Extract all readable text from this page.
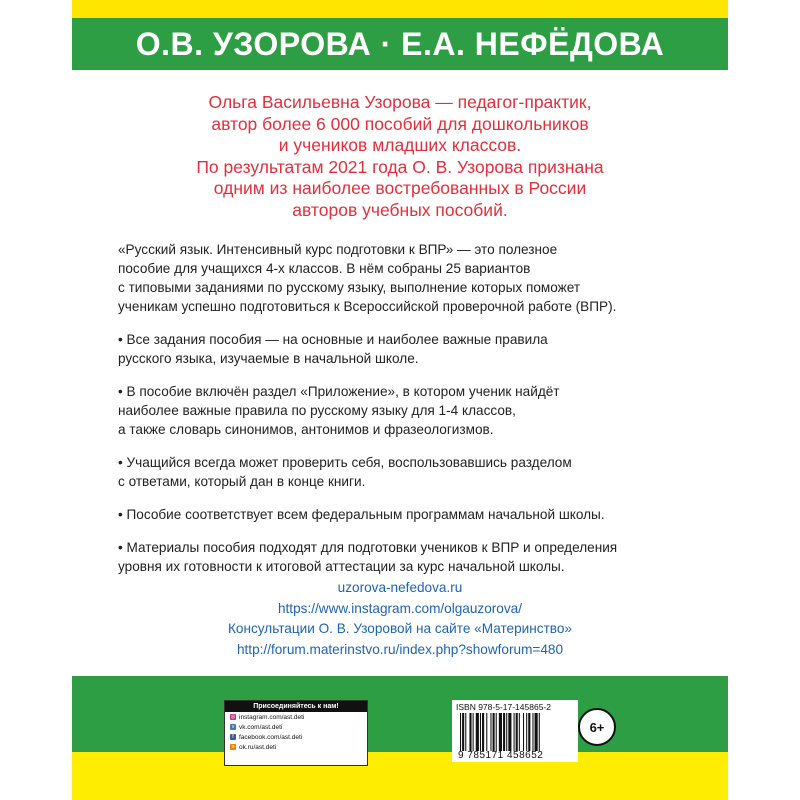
О.В. УЗОРОВА · Е.А. НЕФЁДОВА
Ольга Васильевна Узорова — педагог-практик,
автор более 6 000 пособий для дошкольников
и учеников младших классов.
По результатам 2021 года О. В. Узорова признана
одним из наиболее востребованных в России
авторов учебных пособий.
«Русский язык. Интенсивный курс подготовки к ВПР» — это полезное
пособие для учащихся 4-х классов. В нём собраны 25 вариантов
с типовыми заданиями по русскому языку, выполнение которых поможет
ученикам успешно подготовиться к Всероссийской проверочной работе (ВПР).
• Все задания пособия — на основные и наиболее важные правила
русского языка, изучаемые в начальной школе.
• В пособие включён раздел «Приложение», в котором ученик найдёт
наиболее важные правила по русскому языку для 1-4 классов,
а также словарь синонимов, антонимов и фразеологизмов.
• Учащийся всегда может проверить себя, воспользовавшись разделом
с ответами, который дан в конце книги.
• Пособие соответствует всем федеральным программам начальной школы.
• Материалы пособия подходят для подготовки учеников к ВПР и определения
уровня их готовности к итоговой аттестации за курс начальной школы.
uzorova-nefedova.ru
https://www.instagram.com/olgauzorova/
Консультации О. В. Узоровой на сайте «Материнство»
http://forum.materinstvo.ru/index.php?showforum=480
Присоединяйтесь к нам!
◎ instagram.com/ast.deti
v vk.com/ast.deti
f facebook.com/ast.deti
о ok.ru/ast.deti
ISBN 978-5-17-145865-2
9 785171 458652
6+
